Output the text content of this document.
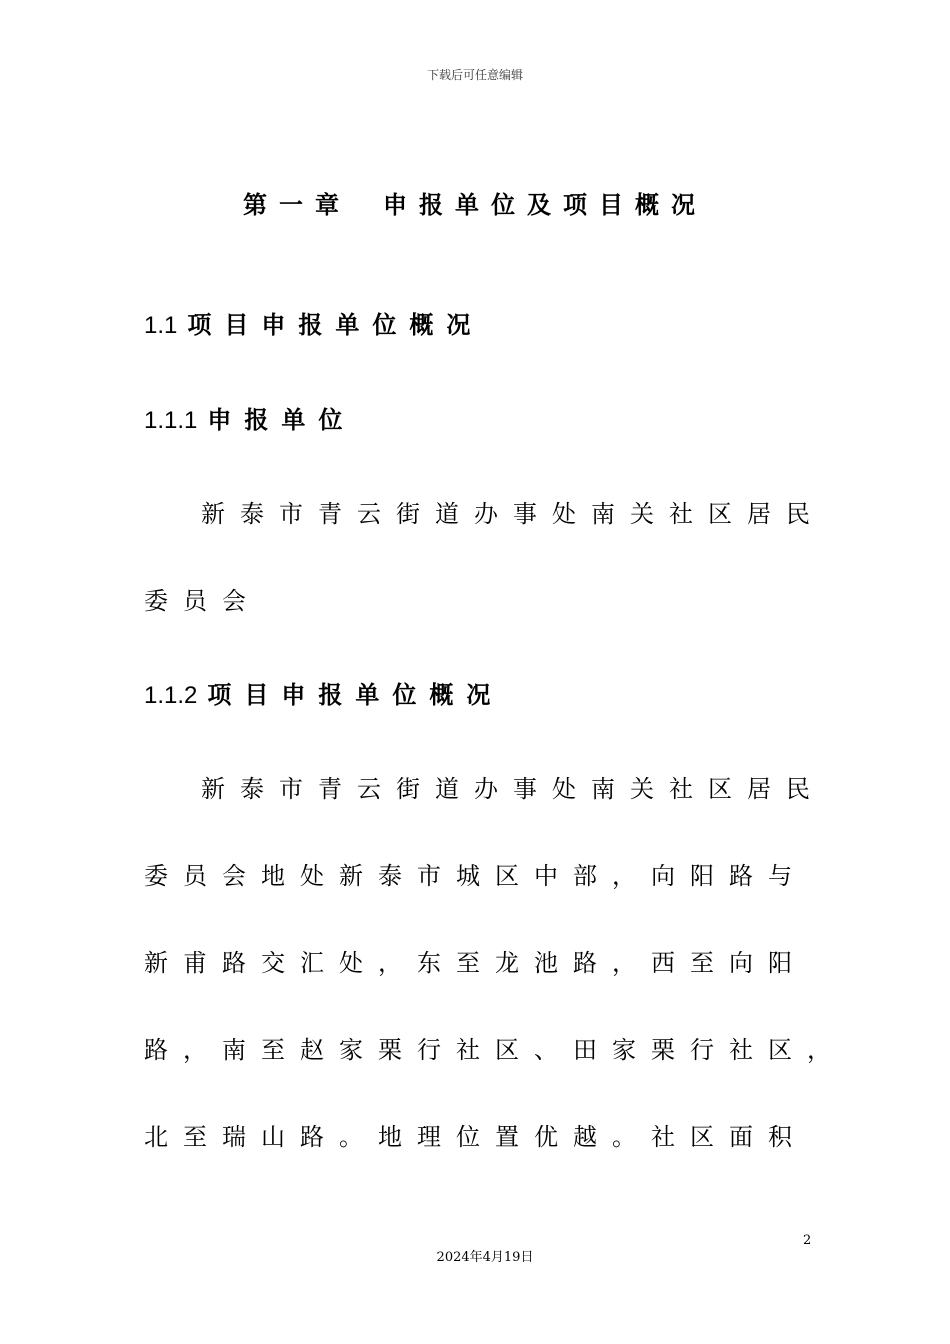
下载后可任意编辑
第一章 申报单位及项目概况
1.1 项目申报单位概况
1.1.1 申报单位
新泰市青云街道办事处南关社区居民
委员会
1.1.2 项目申报单位概况
新泰市青云街道办事处南关社区居民
委员会地处新泰市城区中部，向阳路与
新甫路交汇处，东至龙池路，西至向阳
路，南至赵家栗行社区、田家栗行社区，
北至瑞山路。地理位置优越。社区面积
2
2024年4月19日
